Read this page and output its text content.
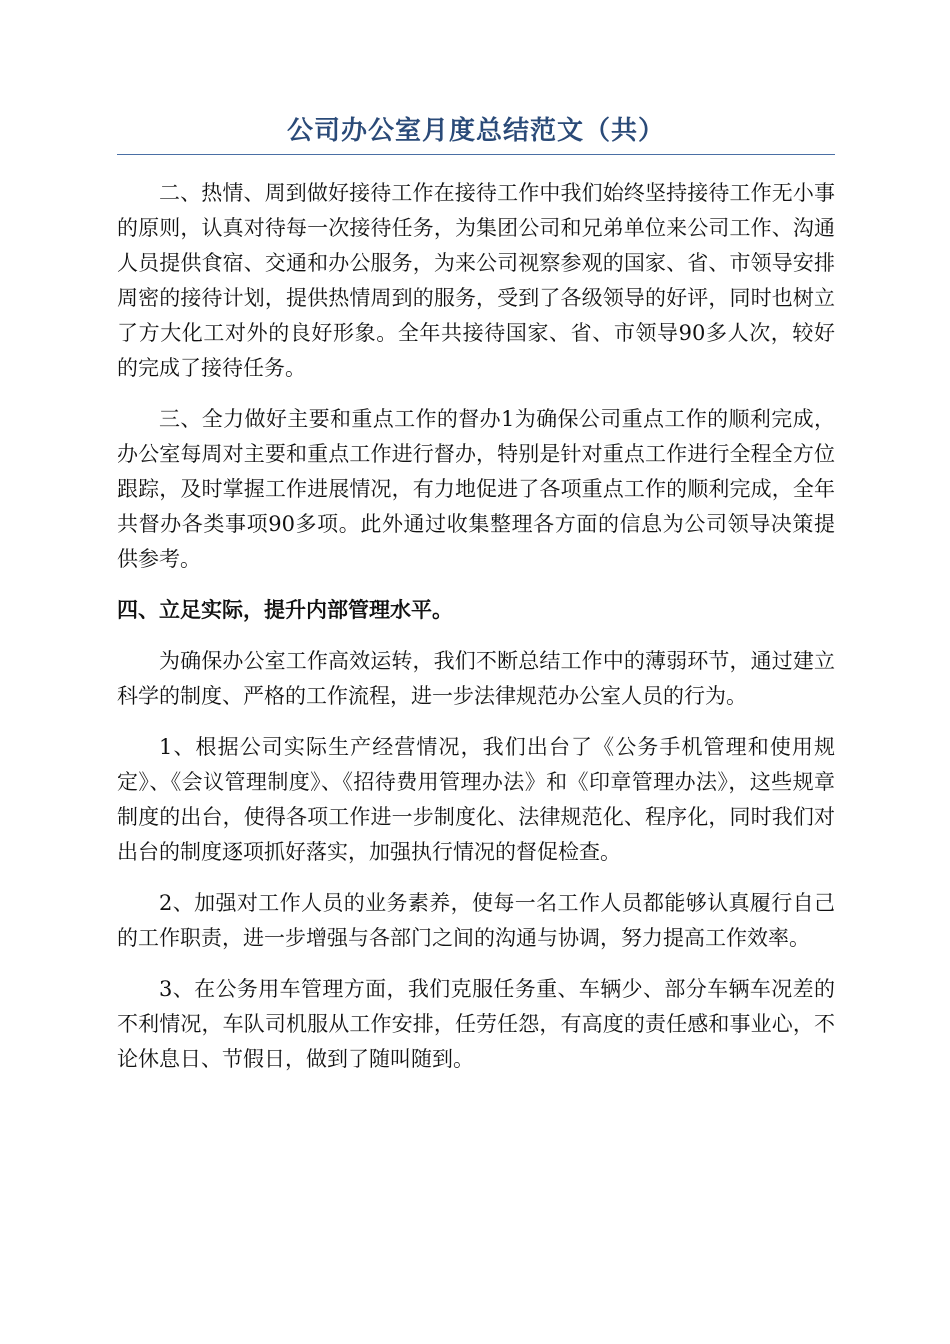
公司办公室月度总结范文（共）

二、热情、周到做好接待工作在接待工作中我们始终坚持接待工作无小事的原则，认真对待每一次接待任务，为集团公司和兄弟单位来公司工作、沟通人员提供食宿、交通和办公服务，为来公司视察参观的国家、省、市领导安排周密的接待计划，提供热情周到的服务，受到了各级领导的好评，同时也树立了方大化工对外的良好形象。全年共接待国家、省、市领导90多人次，较好的完成了接待任务。

三、全力做好主要和重点工作的督办1为确保公司重点工作的顺利完成，办公室每周对主要和重点工作进行督办，特别是针对重点工作进行全程全方位跟踪，及时掌握工作进展情况，有力地促进了各项重点工作的顺利完成，全年共督办各类事项90多项。此外通过收集整理各方面的信息为公司领导决策提供参考。

四、立足实际，提升内部管理水平。

为确保办公室工作高效运转，我们不断总结工作中的薄弱环节，通过建立科学的制度、严格的工作流程，进一步法律规范办公室人员的行为。

1、根据公司实际生产经营情况，我们出台了《公务手机管理和使用规定》、《会议管理制度》、《招待费用管理办法》和《印章管理办法》，这些规章制度的出台，使得各项工作进一步制度化、法律规范化、程序化，同时我们对出台的制度逐项抓好落实，加强执行情况的督促检查。

2、加强对工作人员的业务素养，使每一名工作人员都能够认真履行自己的工作职责，进一步增强与各部门之间的沟通与协调，努力提高工作效率。

3、在公务用车管理方面，我们克服任务重、车辆少、部分车辆车况差的不利情况，车队司机服从工作安排，任劳任怨，有高度的责任感和事业心，不论休息日、节假日，做到了随叫随到。
